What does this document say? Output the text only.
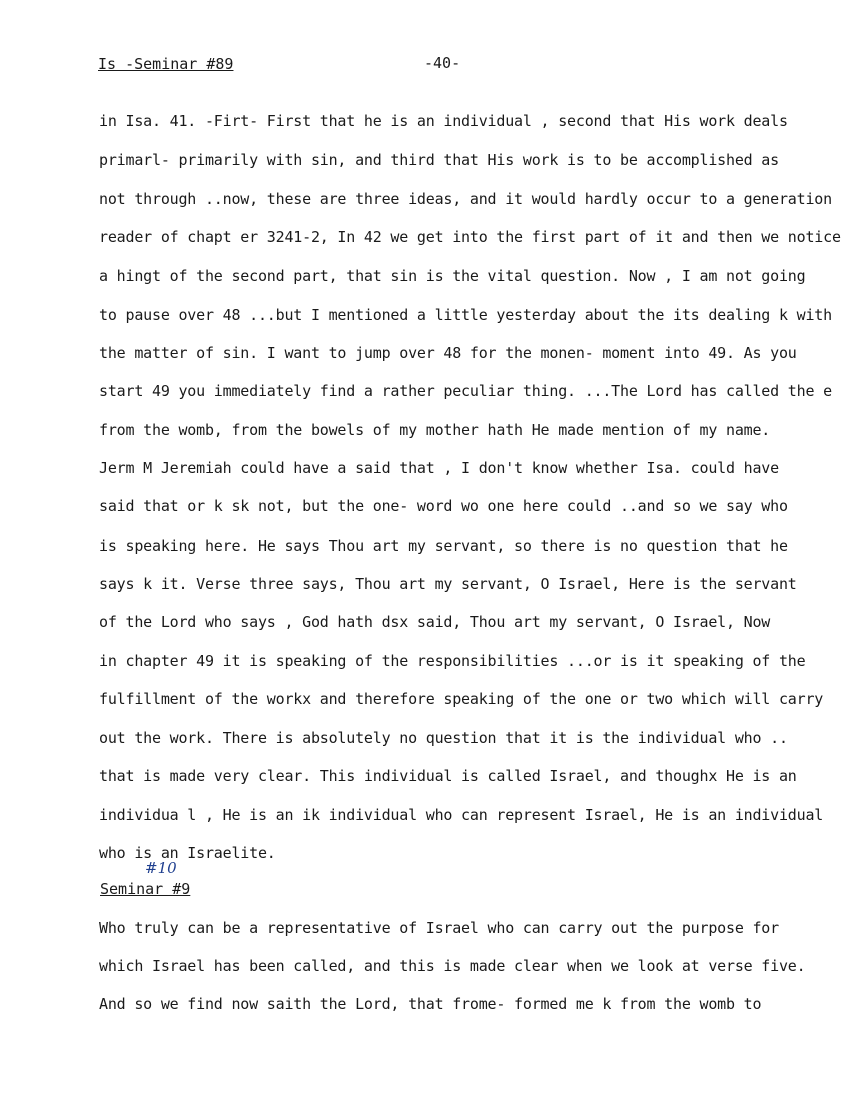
Is -Seminar #89	-40-
in Isa. 41. -Firt- First that he is an individual , second that His work deals
primarl- primarily with sin, and third that His work is to be accomplished as
not through ..now, these are three ideas, and it would hardly occur to a generation
reader of chapt er 3241-2, In 42 we get into the first part of it and then we notice
a hingt of the second part, that sin is the vital question. Now , I am not going
to pause over 48 ...but I mentioned a little yesterday about the its dealing k with
the matter of sin. I want to jump over 48 for the monen- moment into 49. As you
start 49 you immediately find a rather peculiar thing. ...The Lord has called the e
from the womb, from the bowels of my mother hath He made mention of my name.
Jerm M Jeremiah could have a said that , I don't know whether Isa. could have
said that or k sk not, but the one- word wo one here could ..and so we say who
is speaking here. He says Thou art my servant, so there is no question that he
says k it. Verse three says, Thou art my servant, O Israel, Here is the servant
of the Lord who says , God hath dsx said, Thou art my servant, O Israel, Now
in chapter 49 it is speaking of the responsibilities ...or is it speaking of the
fulfillment of the workx and therefore speaking of the one or two which will carry
out the work. There is absolutely no question that it is the individual who ..
that is made very clear. This individual is called Israel, and thoughx He is an
individua l , He is an ik individual who can represent Israel, He is an individual
who is an Israelite.
#10
Seminar #9
Who truly can be a representative of Israel who can carry out the purpose for
which Israel has been called, and this is made clear when we look at verse five.
And so we find now saith the Lord, that frome- formed me k from the womb to
